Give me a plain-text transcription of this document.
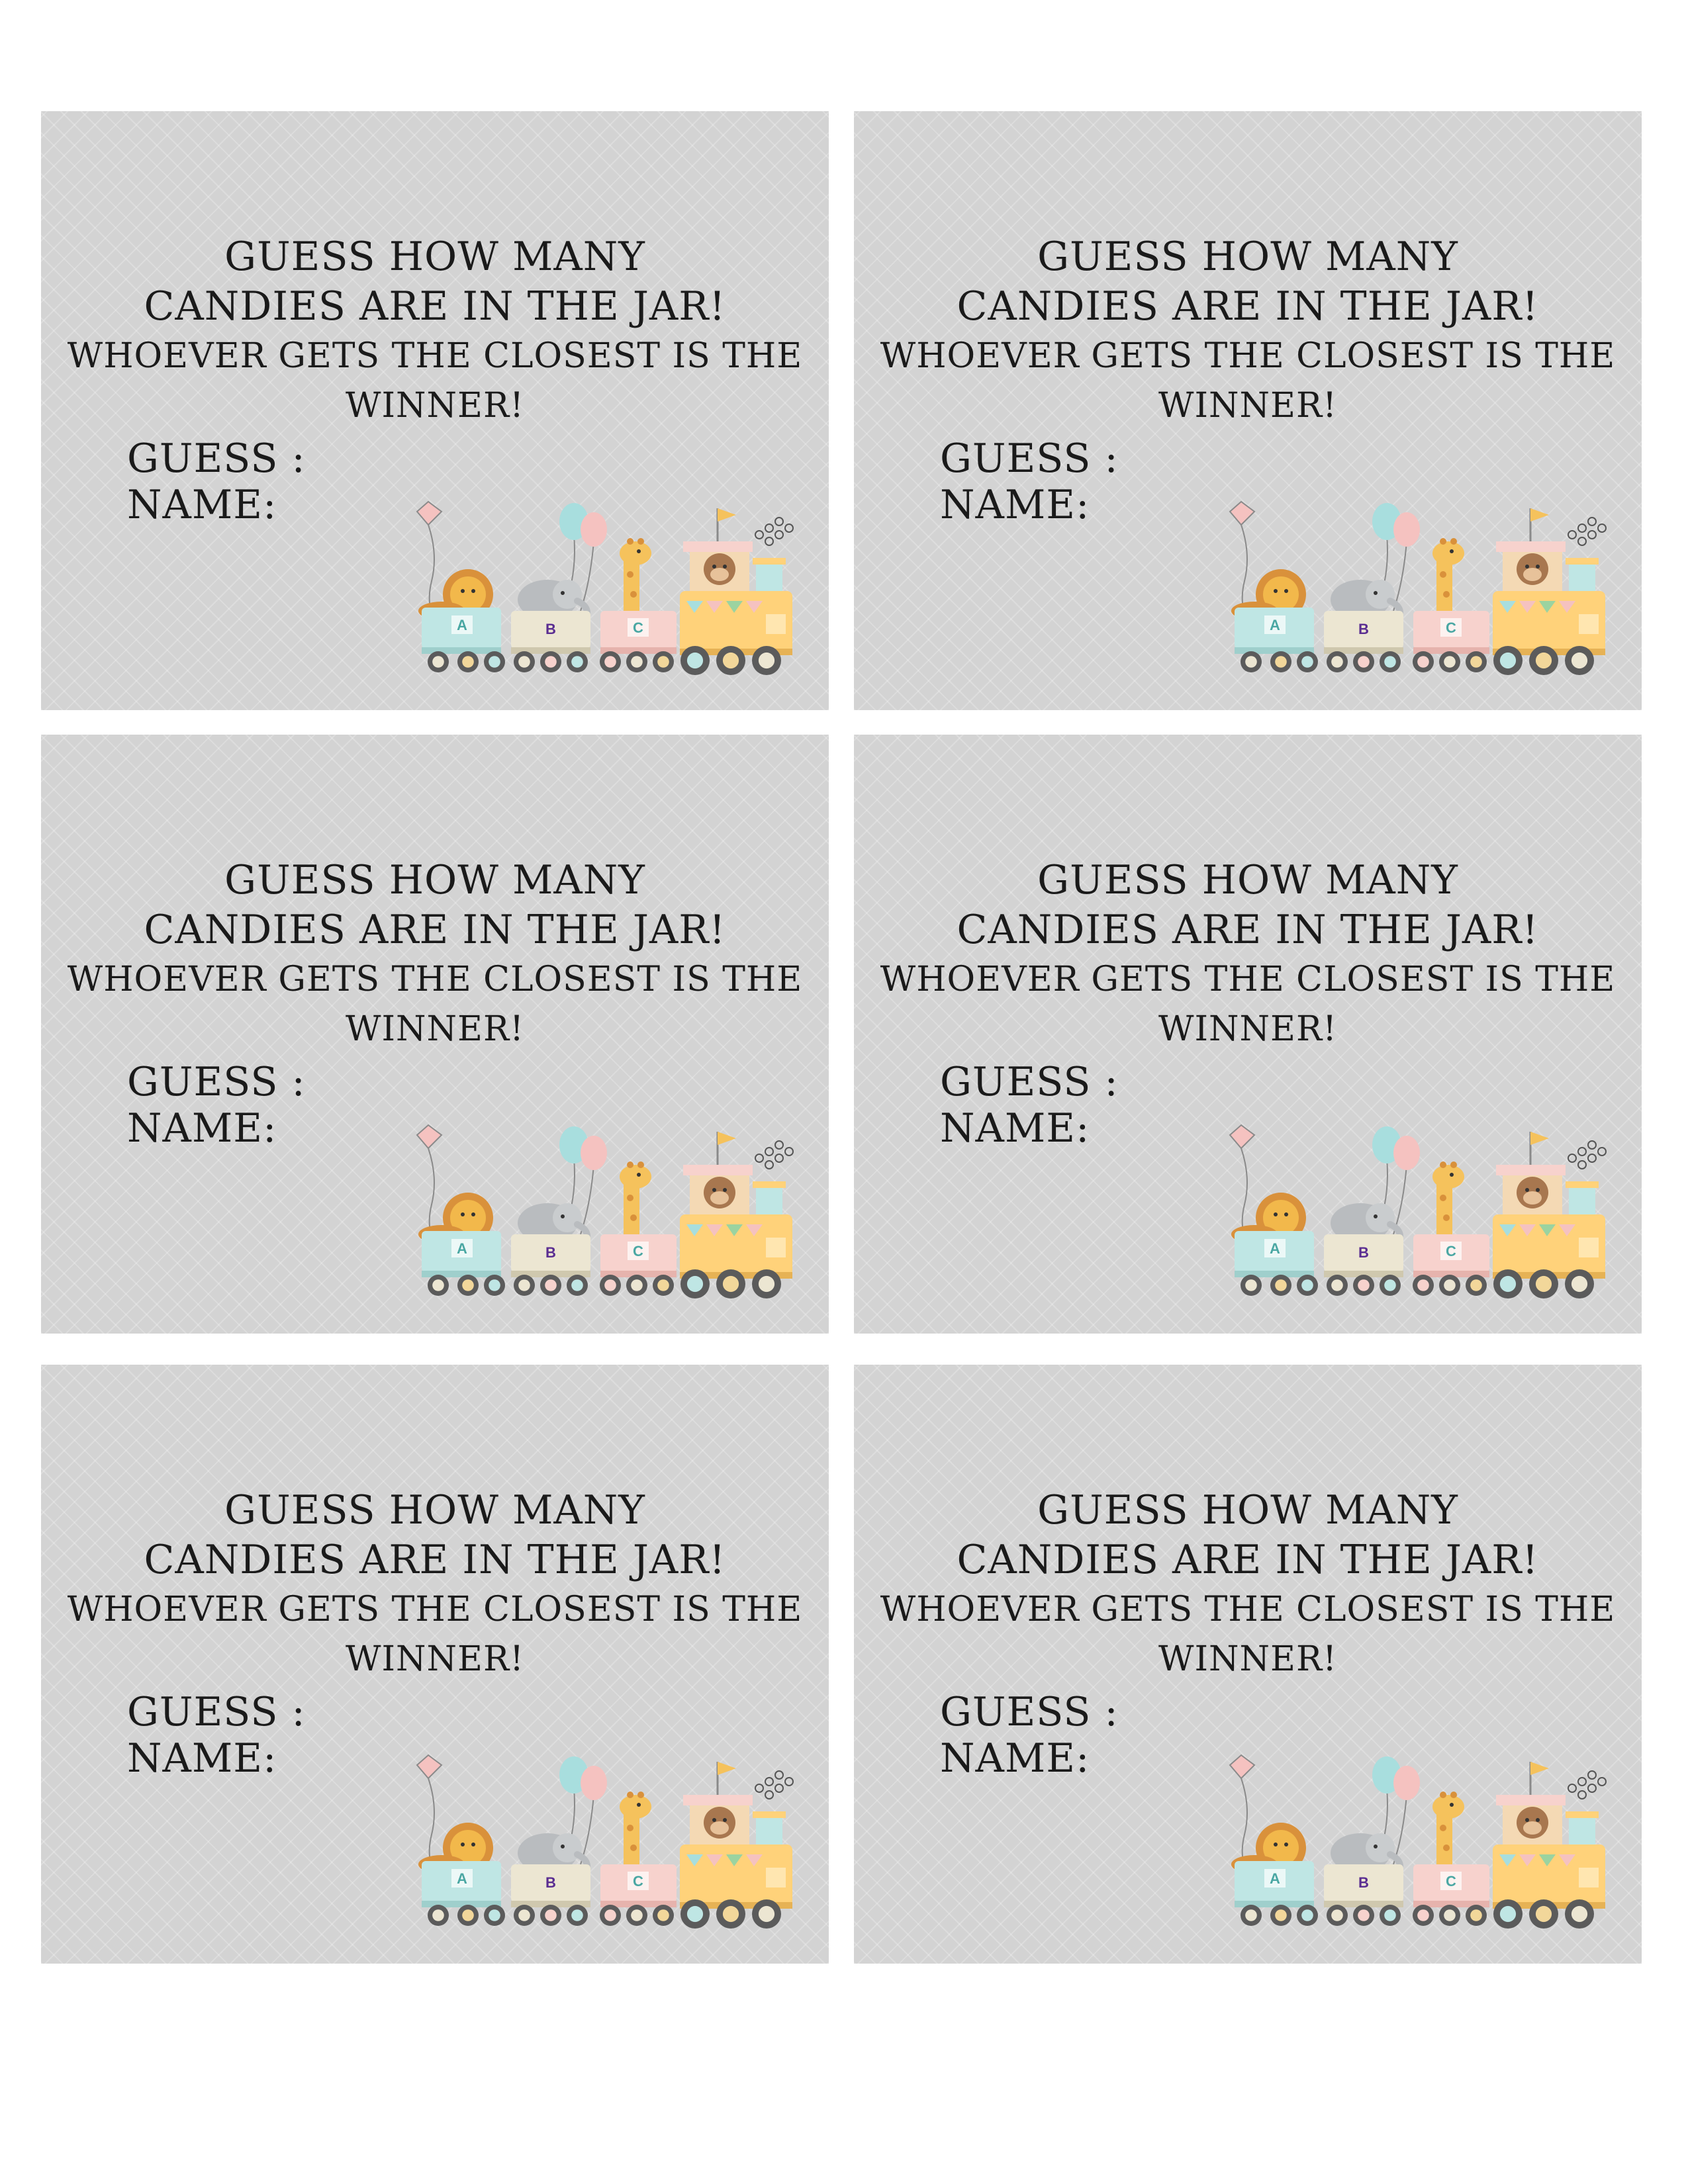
GUESS HOW MANY
CANDIES ARE IN THE JAR!
WHOEVER GETS THE CLOSEST IS THE
WINNER!
GUESS :
NAME:
A	B	C
GUESS HOW MANY
CANDIES ARE IN THE JAR!
WHOEVER GETS THE CLOSEST IS THE
WINNER!
GUESS :
NAME:
A	B	C
GUESS HOW MANY
CANDIES ARE IN THE JAR!
WHOEVER GETS THE CLOSEST IS THE
WINNER!
GUESS :
NAME:
A	B	C
GUESS HOW MANY
CANDIES ARE IN THE JAR!
WHOEVER GETS THE CLOSEST IS THE
WINNER!
GUESS :
NAME:
A	B	C
GUESS HOW MANY
CANDIES ARE IN THE JAR!
WHOEVER GETS THE CLOSEST IS THE
WINNER!
GUESS :
NAME:
A	B	C
GUESS HOW MANY
CANDIES ARE IN THE JAR!
WHOEVER GETS THE CLOSEST IS THE
WINNER!
GUESS :
NAME:
A	B	C
